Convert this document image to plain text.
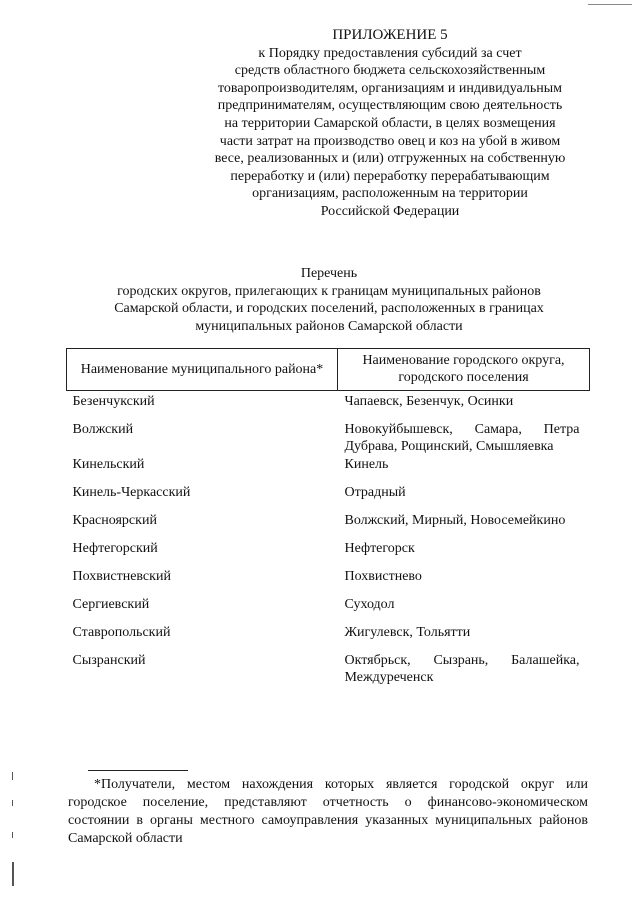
ПРИЛОЖЕНИЕ 5
к Порядку предоставления субсидий за счет
средств областного бюджета сельскохозяйственным
товаропроизводителям, организациям и индивидуальным
предпринимателям, осуществляющим свою деятельность
на территории Самарской области, в целях возмещения
части затрат на производство овец и коз на убой в живом
весе, реализованных и (или) отгруженных на собственную
переработку и (или) переработку перерабатывающим
организациям, расположенным на территории
Российской Федерации
Перечень
городских округов, прилегающих к границам муниципальных районов
Самарской области, и городских поселений, расположенных в границах
муниципальных районов Самарской области
Наименование муниципального района*	Наименование городского округа, городского поселения
Безенчукский	Чапаевск, Безенчук, Осинки
Волжский	Новокуйбышевск, Самара, Петра Дубрава, Рощинский, Смышляевка
Кинельский	Кинель
Кинель-Черкасский	Отрадный
Красноярский	Волжский, Мирный, Новосемейкино
Нефтегорский	Нефтегорск
Похвистневский	Похвистнево
Сергиевский	Суходол
Ставропольский	Жигулевск, Тольятти
Сызранский	Октябрьск, Сызрань, Балашейка, Междуреченск
*Получатели, местом нахождения которых является городской округ или городское поселение, представляют отчетность о финансово-экономическом состоянии в органы местного самоуправления указанных муниципальных районов Самарской области
